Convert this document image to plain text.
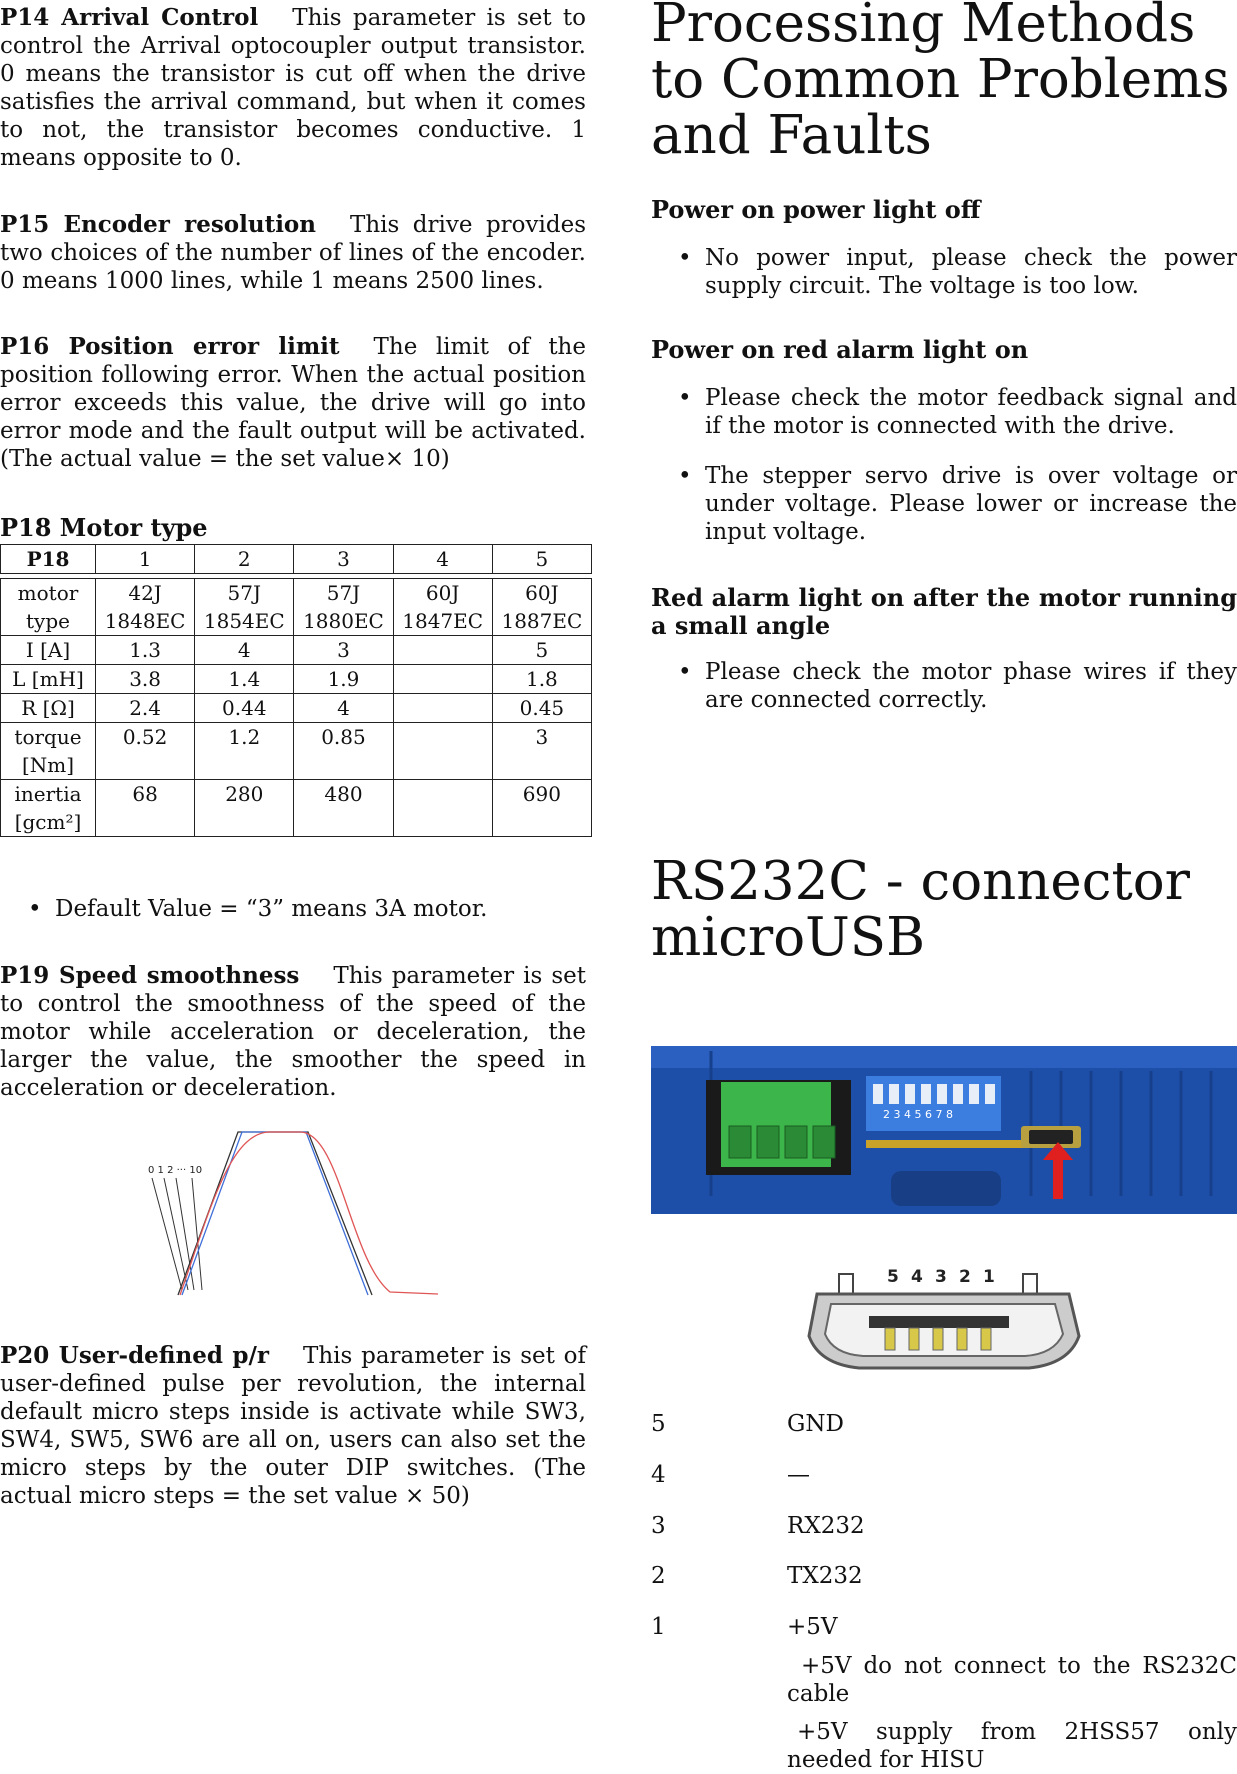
P14 Arrival Control This parameter is set to control the Arrival optocoupler output transistor. 0 means the transistor is cut off when the drive satisfies the arrival command, but when it comes to not, the transistor becomes conductive. 1 means opposite to 0.

P15 Encoder resolution This drive provides two choices of the number of lines of the encoder. 0 means 1000 lines, while 1 means 2500 lines.

P16 Position error limit The limit of the position following error. When the actual position error exceeds this value, the drive will go into error mode and the fault output will be activated. (The actual value = the set value× 10)

P18 Motor type
P18	1	2	3	4	5

motor type	42J 1848EC	57J 1854EC	57J 1880EC	60J 1847EC	60J 1887EC
I [A]	1.3	4	3		5
L [mH]	3.8	1.4	1.9		1.8
R [Ω]	2.4	0.44	4		0.45
torque [Nm]	0.52	1.2	0.85		3
inertia [gcm²]	68	280	480		690
• Default Value = “3” means 3A motor.

P19 Speed smoothness This parameter is set to control the smoothness of the speed of the motor while acceleration or deceleration, the larger the value, the smoother the speed in acceleration or deceleration.

0 1 2 ··· 10

P20 User-defined p/r This parameter is set of user-defined pulse per revolution, the internal default micro steps inside is activate while SW3, SW4, SW5, SW6 are all on, users can also set the micro steps by the outer DIP switches. (The actual micro steps = the set value × 50)

Processing Methods to Common Problems and Faults
Power on power light off
• No power input, please check the power supply circuit. The voltage is too low.
Power on red alarm light on
• Please check the motor feedback signal and if the motor is connected with the drive.
• The stepper servo drive is over voltage or under voltage. Please lower or increase the input voltage.
Red alarm light on after the motor running a small angle
• Please check the motor phase wires if they are connected correctly.
RS232C - connector microUSB
2 3 4 5 6 7 8
5 4 3 2 1
5	GND
4	—
3	RX232
2	TX232
1	+5V

+5V do not connect to the RS232C cable

+5V supply from 2HSS57 only needed for HISU
